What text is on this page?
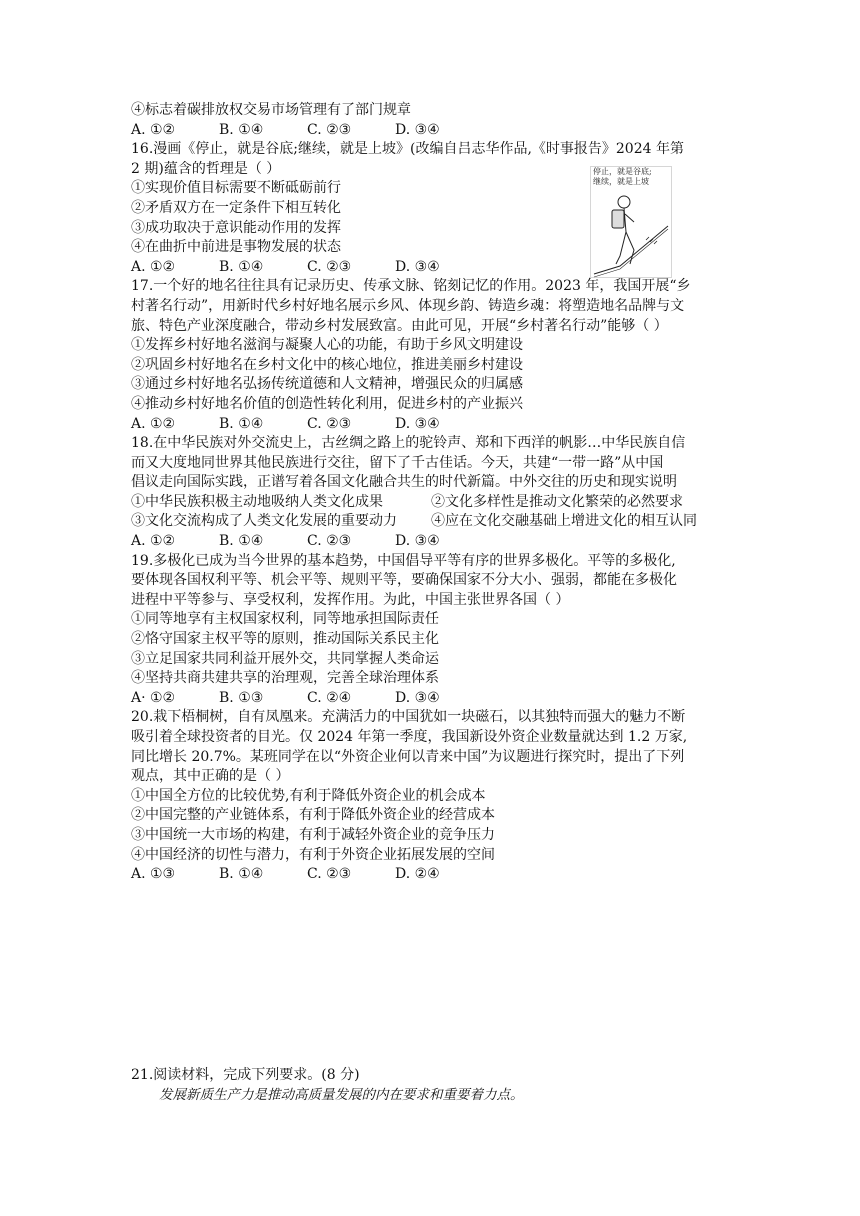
④标志着碳排放权交易市场管理有了部门规章
A. ①②	B. ①④	C. ②③	D. ③④
16.漫画《停止，就是谷底;继续，就是上坡》(改编自吕志华作品,《时事报告》2024 年第
2 期)蕴含的哲理是（ ）
①实现价值目标需要不断砥砺前行
②矛盾双方在一定条件下相互转化
③成功取决于意识能动作用的发挥
④在曲折中前进是事物发展的状态
A. ①②	B. ①④	C. ②③	D. ③④
17.一个好的地名往往具有记录历史、传承文脉、铭刻记忆的作用。2023 年，我国开展“乡
村著名行动”，用新时代乡村好地名展示乡风、体现乡韵、铸造乡魂：将塑造地名品牌与文
旅、特色产业深度融合，带动乡村发展致富。由此可见，开展“乡村著名行动”能够（ ）
①发挥乡村好地名滋润与凝聚人心的功能，有助于乡风文明建设
②巩固乡村好地名在乡村文化中的核心地位，推进美丽乡村建设
③通过乡村好地名弘扬传统道德和人文精神，增强民众的归属感
④推动乡村好地名价值的创造性转化利用，促进乡村的产业振兴
A. ①②	B. ①④	C. ②③	D. ③④
18.在中华民族对外交流史上，古丝绸之路上的驼铃声、郑和下西洋的帆影…中华民族自信
而又大度地同世界其他民族进行交往，留下了千古佳话。今天，共建“一带一路”从中国
倡议走向国际实践，正谱写着各国文化融合共生的时代新篇。中外交往的历史和现实说明
①中华民族积极主动地吸纳人类文化成果	②文化多样性是推动文化繁荣的必然要求
③文化交流构成了人类文化发展的重要动力	④应在文化交融基础上增进文化的相互认同
A. ①②	B. ①④	C. ②③	D. ③④
19.多极化已成为当今世界的基本趋势，中国倡导平等有序的世界多极化。平等的多极化,
要体现各国权利平等、机会平等、规则平等，要确保国家不分大小、强弱，都能在多极化
进程中平等参与、享受权利，发挥作用。为此，中国主张世界各国（ ）
①同等地享有主权国家权利，同等地承担国际责任
②恪守国家主权平等的原则，推动国际关系民主化
③立足国家共同利益开展外交，共同掌握人类命运
④坚持共商共建共享的治理观，完善全球治理体系
A· ①②	B. ①③	C. ②④	D. ③④
20.栽下梧桐树，自有凤凰来。充满活力的中国犹如一块磁石，以其独特而强大的魅力不断
吸引着全球投资者的目光。仅 2024 年第一季度，我国新设外资企业数量就达到 1.2 万家,
同比增长 20.7%。某班同学在以“外资企业何以青来中国”为议题进行探究时，提出了下列
观点，其中正确的是（ ）
①中国全方位的比较优势,有利于降低外资企业的机会成本
②中国完整的产业链体系，有利于降低外资企业的经营成本
③中国统一大市场的构建，有利于减轻外资企业的竞争压力
④中国经济的切性与潜力，有利于外资企业拓展发展的空间
A. ①③	B. ①④	C. ②③	D. ②④
停止，就是谷底;
继续，就是上坡
21.阅读材料，完成下列要求。(8 分)
发展新质生产力是推动高质量发展的内在要求和重要着力点。
